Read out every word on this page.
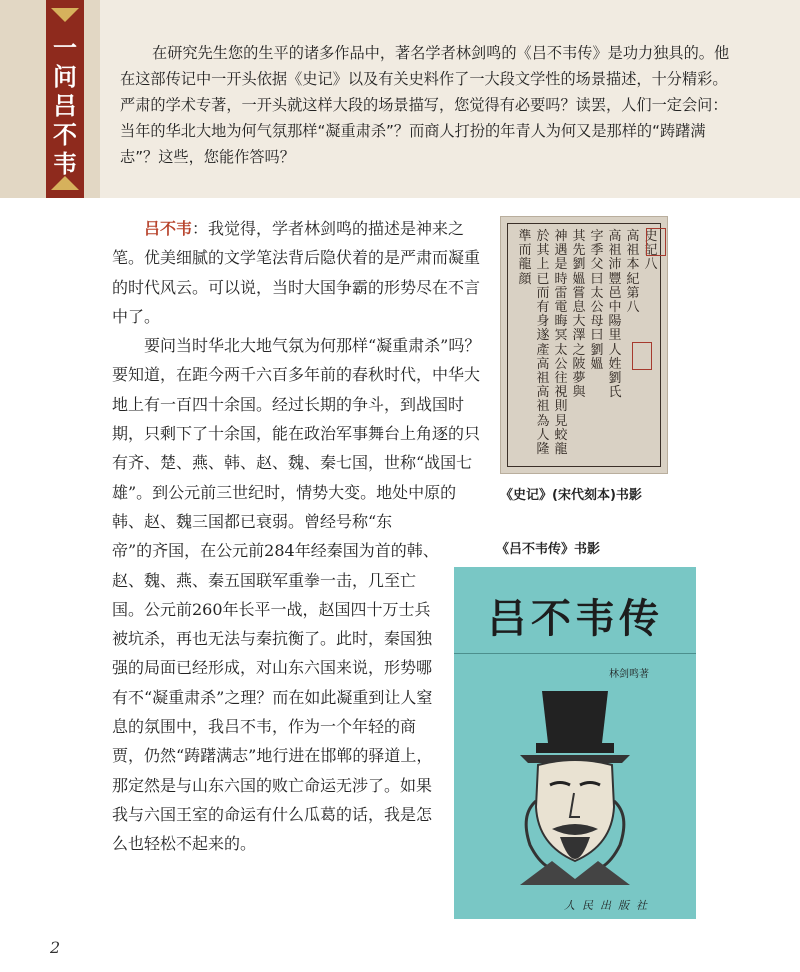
一
问
吕
不
韦

在研究先生您的生平的诸多作品中，著名学者林剑鸣的《吕不韦传》是功力独具的。他在这部传记中一开头依据《史记》以及有关史料作了一大段文学性的场景描述，十分精彩。严肃的学术专著，一开头就这样大段的场景描写，您觉得有必要吗？读罢，人们一定会问：当年的华北大地为何气氛那样“凝重肃杀”？而商人打扮的年青人为何又是那样的“踌躇满志”？这些，您能作答吗？

吕不韦：我觉得，学者林剑鸣的描述是神来之笔。优美细腻的文学笔法背后隐伏着的是严肃而凝重的时代风云。可以说，当时大国争霸的形势尽在不言中了。

要问当时华北大地气氛为何那样“凝重肃杀”吗？要知道，在距今两千六百多年前的春秋时代，中华大地上有一百四十余国。经过长期的争斗，到战国时期，只剩下了十余国，能在政治军事舞台上角逐的只有齐、楚、燕、韩、赵、魏、秦七国，世称“战国七雄”。到公元前三世纪时，情势大变。地处中原的韩、赵、魏三国都已衰弱。曾经号称“东

帝”的齐国，在公元前284年经秦国为首的韩、赵、魏、燕、秦五国联军重拳一击，几至亡国。公元前260年长平一战，赵国四十万士兵被坑杀，再也无法与秦抗衡了。此时，秦国独强的局面已经形成，对山东六国来说，形势哪有不“凝重肃杀”之理？而在如此凝重到让人窒息的氛围中，我吕不韦，作为一个年轻的商贾，仍然“踌躇满志”地行进在邯郸的驿道上，那定然是与山东六国的败亡命运无涉了。如果我与六国王室的命运有什么瓜葛的话，我是怎么也轻松不起来的。

史記八
高祖本紀第八
高祖沛豐邑中陽里人姓劉氏
字季父曰太公母曰劉媼
其先劉媼嘗息大澤之陂夢與
神遇是時雷電晦冥太公往視則見蛟龍
於其上已而有身遂產高祖高祖為人隆
準而龍顔
《史记》(宋代刻本)书影
《吕不韦传》书影
吕不韦传
林剑鸣著
人民出版社
2
